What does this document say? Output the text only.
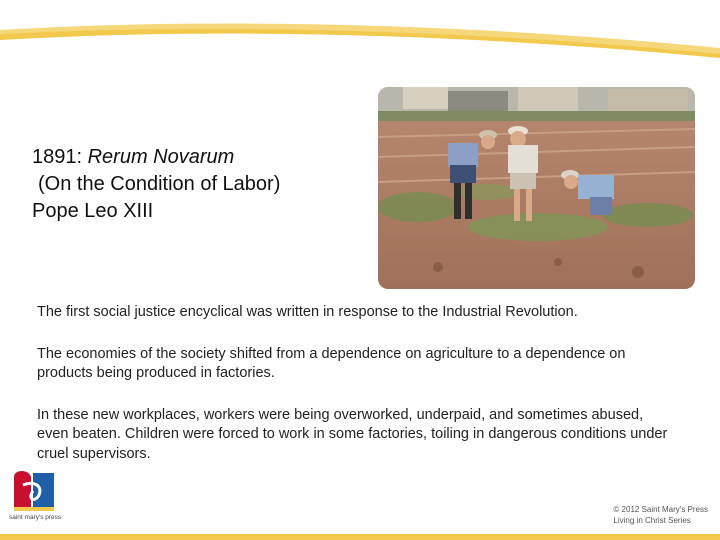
1891: Rerum Novarum
(On the Condition of Labor)
Pope Leo XIII

The first social justice encyclical was written in response to the Industrial Revolution.

The economies of the society shifted from a dependence on agriculture to a dependence on products being produced in factories.

In these new workplaces, workers were being overworked, underpaid, and sometimes abused, even beaten. Children were forced to work in some factories, toiling in dangerous conditions under cruel supervisors.

saint mary's press
© 2012 Saint Mary's Press
Living in Christ Series
